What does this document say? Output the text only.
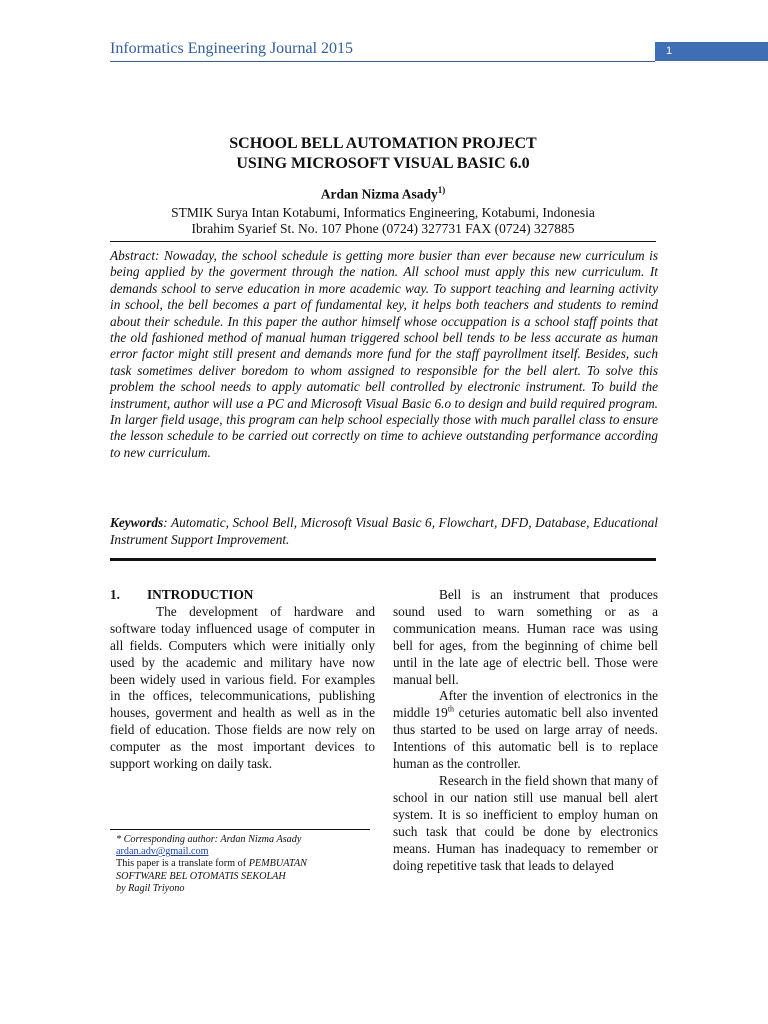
Informatics Engineering Journal 2015	1
SCHOOL BELL AUTOMATION PROJECT
USING MICROSOFT VISUAL BASIC 6.0
Ardan Nizma Asady$^{1)}$
STMIK Surya Intan Kotabumi, Informatics Engineering, Kotabumi, Indonesia
Ibrahim Syarief St. No. 107 Phone (0724) 327731 FAX (0724) 327885

Abstract: Nowaday, the school schedule is getting more busier than ever because new curriculum is being applied by the goverment through the nation. All school must apply this new curriculum. It demands school to serve education in more academic way. To support teaching and learning activity in school, the bell becomes a part of fundamental key, it helps both teachers and students to remind about their schedule. In this paper the author himself whose occuppation is a school staff points that the old fashioned method of manual human triggered school bell tends to be less accurate as human error factor might still present and demands more fund for the staff payrollment itself. Besides, such task sometimes deliver boredom to whom assigned to responsible for the bell alert. To solve this problem the school needs to apply automatic bell controlled by electronic instrument. To build the instrument, author will use a PC and Microsoft Visual Basic 6.o to design and build required program. In larger field usage, this program can help school especially those with much parallel class to ensure the lesson schedule to be carried out correctly on time to achieve outstanding performance according to new curriculum.

Keywords: Automatic, School Bell, Microsoft Visual Basic 6, Flowchart, DFD, Database, Educational Instrument Support Improvement.

1. INTRODUCTION

The development of hardware and software today influenced usage of computer in all fields. Computers which were initially only used by the academic and military have now been widely used in various field. For examples in the offices, telecommunications, publishing houses, goverment and health as well as in the field of education. Those fields are now rely on computer as the most important devices to support working on daily task.

Bell is an instrument that produces sound used to warn something or as a communication means. Human race was using bell for ages, from the beginning of chime bell until in the late age of electric bell. Those were manual bell.

After the invention of electronics in the middle 19th ceturies automatic bell also invented thus started to be used on large array of needs. Intentions of this automatic bell is to replace human as the controller.

Research in the field shown that many of school in our nation still use manual bell alert system. It is so inefficient to employ human on such task that could be done by electronics means. Human has inadequacy to remember or doing repetitive task that leads to delayed

* Corresponding author: Ardan Nizma Asady

ardan.adv@gmail.com

This paper is a translate form of PEMBUATAN

SOFTWARE BEL OTOMATIS SEKOLAH

by Ragil Triyono
